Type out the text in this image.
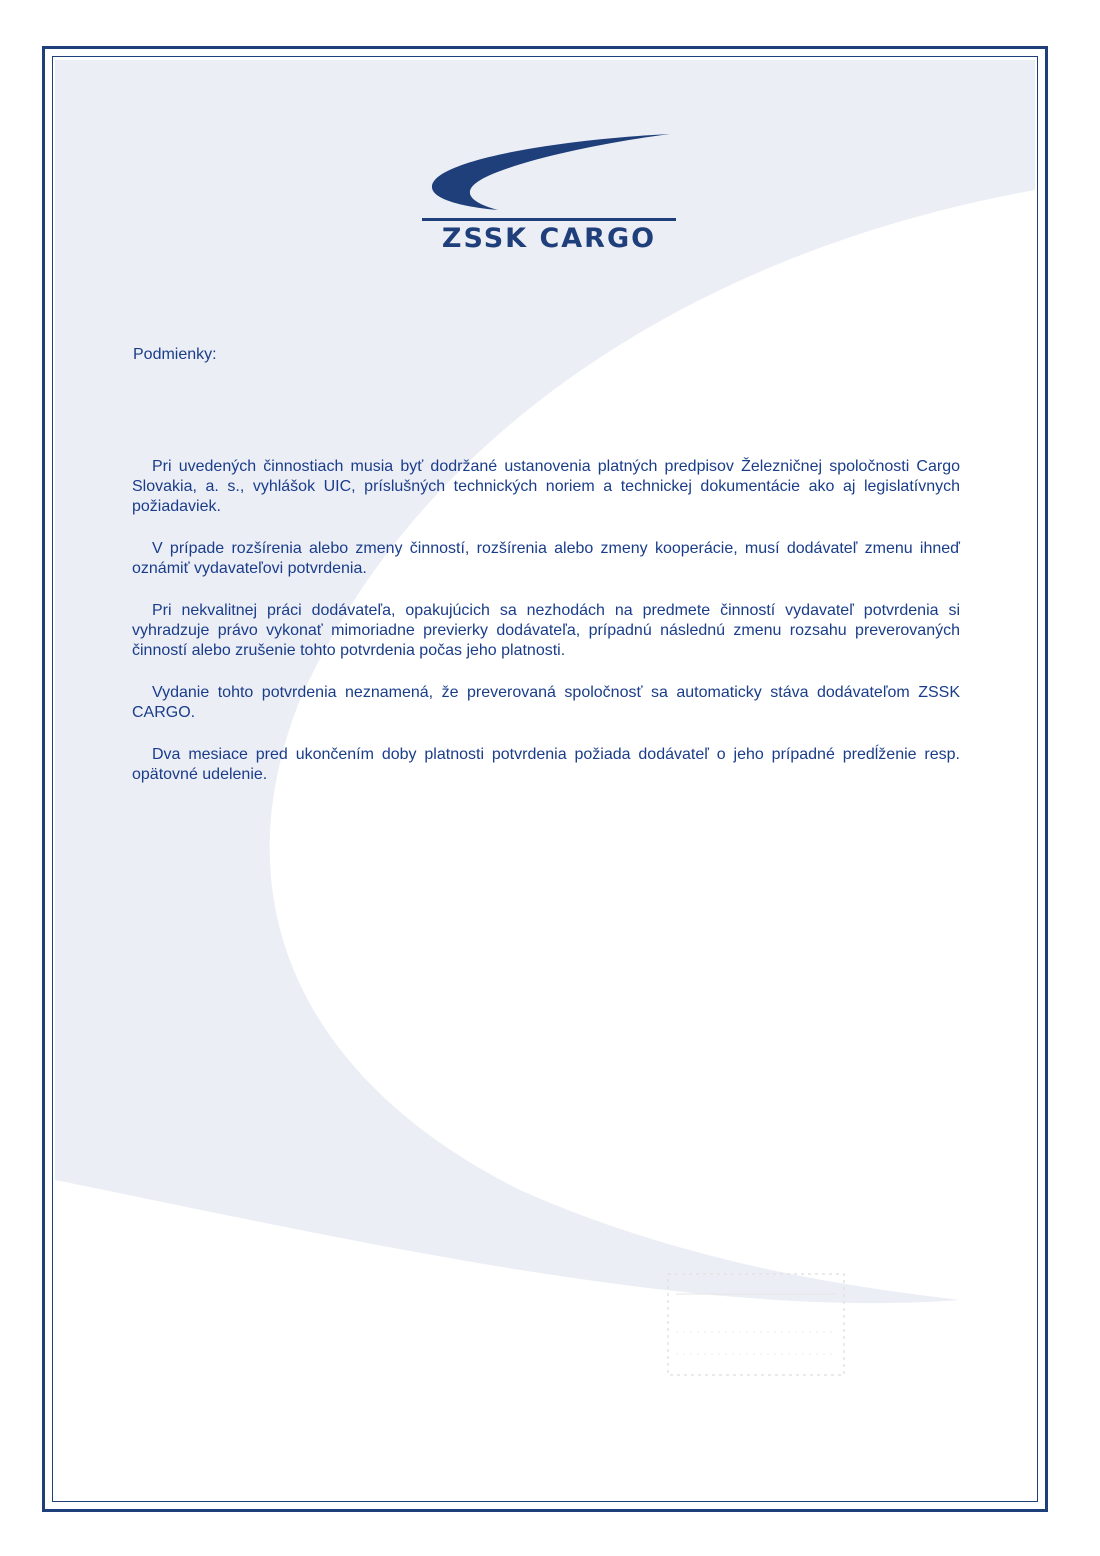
ZSSK CARGO
Podmienky:

Pri uvedených činnostiach musia byť dodržané ustanovenia platných predpisov Železničnej spoločnosti Cargo Slovakia, a. s., vyhlášok UIC, príslušných technických noriem a technickej dokumentácie ako aj legislatívnych požiadaviek.

V prípade rozšírenia alebo zmeny činností, rozšírenia alebo zmeny kooperácie, musí dodávateľ zmenu ihneď oznámiť vydavateľovi potvrdenia.

Pri nekvalitnej práci dodávateľa, opakujúcich sa nezhodách na predmete činností vydavateľ potvrdenia si vyhradzuje právo vykonať mimoriadne previerky dodávateľa, prípadnú následnú zmenu rozsahu preverovaných činností alebo zrušenie tohto potvrdenia počas jeho platnosti.

Vydanie tohto potvrdenia neznamená, že preverovaná spoločnosť sa automaticky stáva dodávateľom ZSSK CARGO.

Dva mesiace pred ukončením doby platnosti potvrdenia požiada dodávateľ o jeho prípadné predĺženie resp. opätovné udelenie.
